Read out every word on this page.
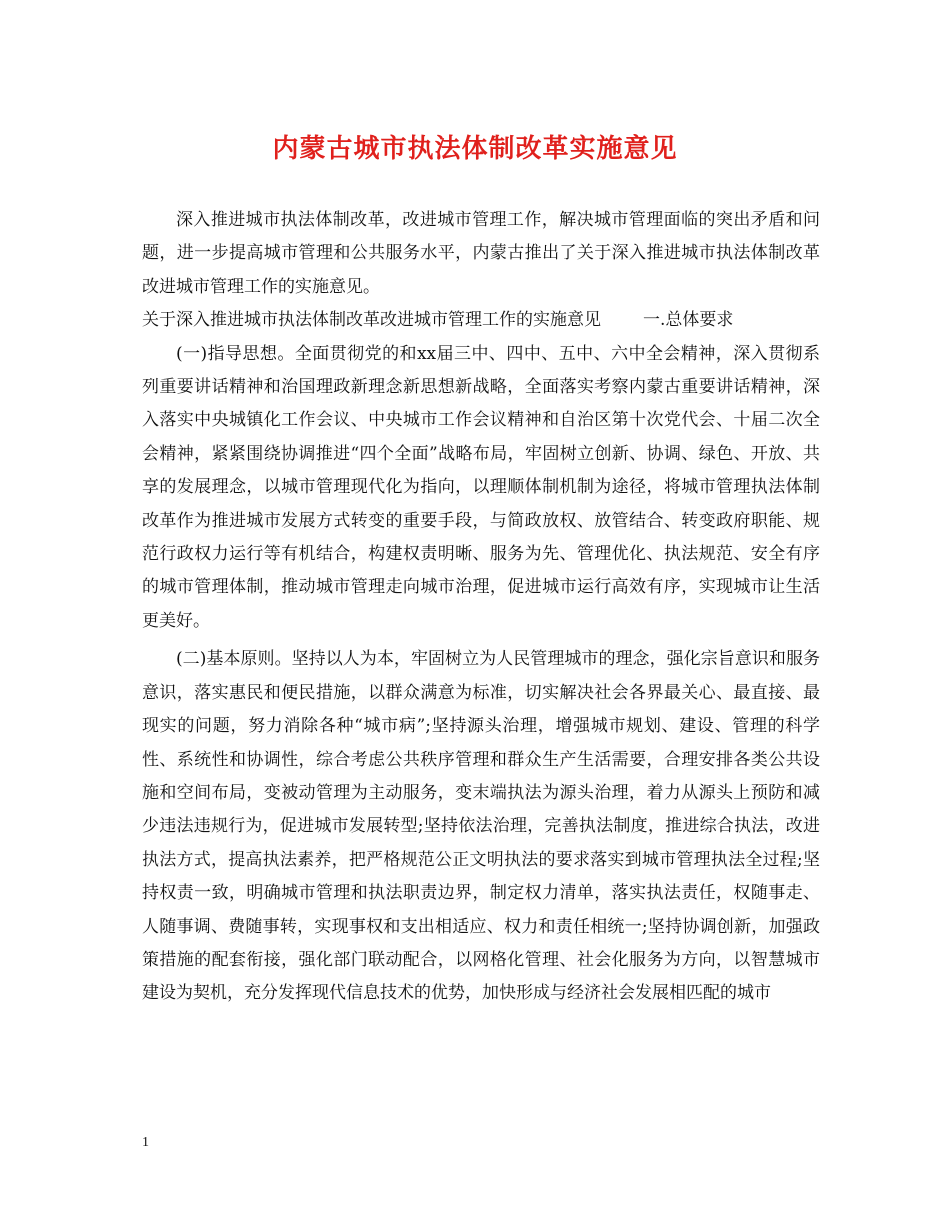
内蒙古城市执法体制改革实施意见

深入推进城市执法体制改革，改进城市管理工作，解决城市管理面临的突出矛盾和问题，进一步提高城市管理和公共服务水平，内蒙古推出了关于深入推进城市执法体制改革改进城市管理工作的实施意见。

关于深入推进城市执法体制改革改进城市管理工作的实施意见 一.总体要求

(一)指导思想。全面贯彻党的和xx届三中、四中、五中、六中全会精神，深入贯彻系列重要讲话精神和治国理政新理念新思想新战略，全面落实考察内蒙古重要讲话精神，深入落实中央城镇化工作会议、中央城市工作会议精神和自治区第十次党代会、十届二次全会精神，紧紧围绕协调推进“四个全面”战略布局，牢固树立创新、协调、绿色、开放、共享的发展理念，以城市管理现代化为指向，以理顺体制机制为途径，将城市管理执法体制改革作为推进城市发展方式转变的重要手段，与简政放权、放管结合、转变政府职能、规范行政权力运行等有机结合，构建权责明晰、服务为先、管理优化、执法规范、安全有序的城市管理体制，推动城市管理走向城市治理，促进城市运行高效有序，实现城市让生活更美好。

(二)基本原则。坚持以人为本，牢固树立为人民管理城市的理念，强化宗旨意识和服务意识，落实惠民和便民措施，以群众满意为标准，切实解决社会各界最关心、最直接、最现实的问题，努力消除各种“城市病”;坚持源头治理，增强城市规划、建设、管理的科学性、系统性和协调性，综合考虑公共秩序管理和群众生产生活需要，合理安排各类公共设施和空间布局，变被动管理为主动服务，变末端执法为源头治理，着力从源头上预防和减少违法违规行为，促进城市发展转型;坚持依法治理，完善执法制度，推进综合执法，改进执法方式，提高执法素养，把严格规范公正文明执法的要求落实到城市管理执法全过程;坚持权责一致，明确城市管理和执法职责边界，制定权力清单，落实执法责任，权随事走、人随事调、费随事转，实现事权和支出相适应、权力和责任相统一;坚持协调创新，加强政策措施的配套衔接，强化部门联动配合，以网格化管理、社会化服务为方向，以智慧城市建设为契机，充分发挥现代信息技术的优势，加快形成与经济社会发展相匹配的城市

1
